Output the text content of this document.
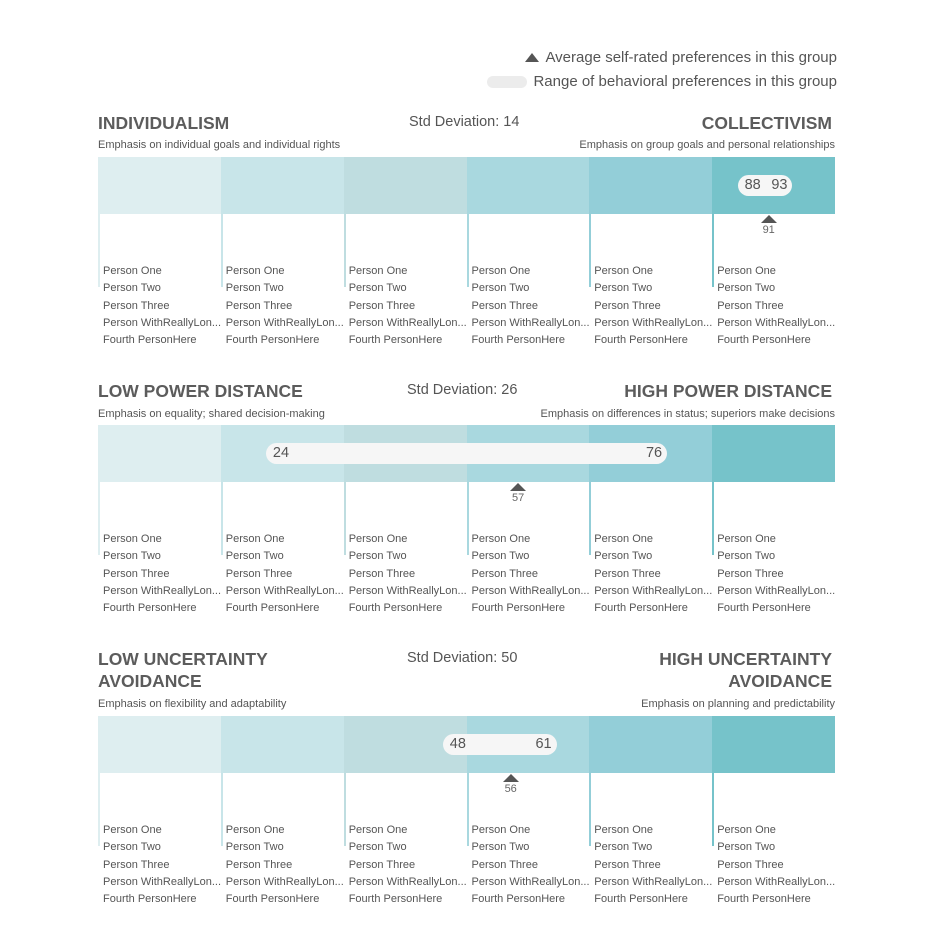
Average self-rated preferences in this group
Range of behavioral preferences in this group
INDIVIDUALISM	COLLECTIVISM
Std Deviation: 14
Emphasis on individual goals and individual rights	Emphasis on group goals and personal relationships
88 93
91
Person One
Person Two
Person Three
Person WithReallyLon...
Fourth PersonHere
Person One
Person Two
Person Three
Person WithReallyLon...
Fourth PersonHere
Person One
Person Two
Person Three
Person WithReallyLon...
Fourth PersonHere
Person One
Person Two
Person Three
Person WithReallyLon...
Fourth PersonHere
Person One
Person Two
Person Three
Person WithReallyLon...
Fourth PersonHere
Person One
Person Two
Person Three
Person WithReallyLon...
Fourth PersonHere
LOW POWER DISTANCE	HIGH POWER DISTANCE
Std Deviation: 26
Emphasis on equality; shared decision-making	Emphasis on differences in status; superiors make decisions
24	76
57
Person One
Person Two
Person Three
Person WithReallyLon...
Fourth PersonHere
Person One
Person Two
Person Three
Person WithReallyLon...
Fourth PersonHere
Person One
Person Two
Person Three
Person WithReallyLon...
Fourth PersonHere
Person One
Person Two
Person Three
Person WithReallyLon...
Fourth PersonHere
Person One
Person Two
Person Three
Person WithReallyLon...
Fourth PersonHere
Person One
Person Two
Person Three
Person WithReallyLon...
Fourth PersonHere
LOW UNCERTAINTY AVOIDANCE
HIGH UNCERTAINTY AVOIDANCE
Std Deviation: 50
Emphasis on flexibility and adaptability	Emphasis on planning and predictability
48	61
56
Person One
Person Two
Person Three
Person WithReallyLon...
Fourth PersonHere
Person One
Person Two
Person Three
Person WithReallyLon...
Fourth PersonHere
Person One
Person Two
Person Three
Person WithReallyLon...
Fourth PersonHere
Person One
Person Two
Person Three
Person WithReallyLon...
Fourth PersonHere
Person One
Person Two
Person Three
Person WithReallyLon...
Fourth PersonHere
Person One
Person Two
Person Three
Person WithReallyLon...
Fourth PersonHere
